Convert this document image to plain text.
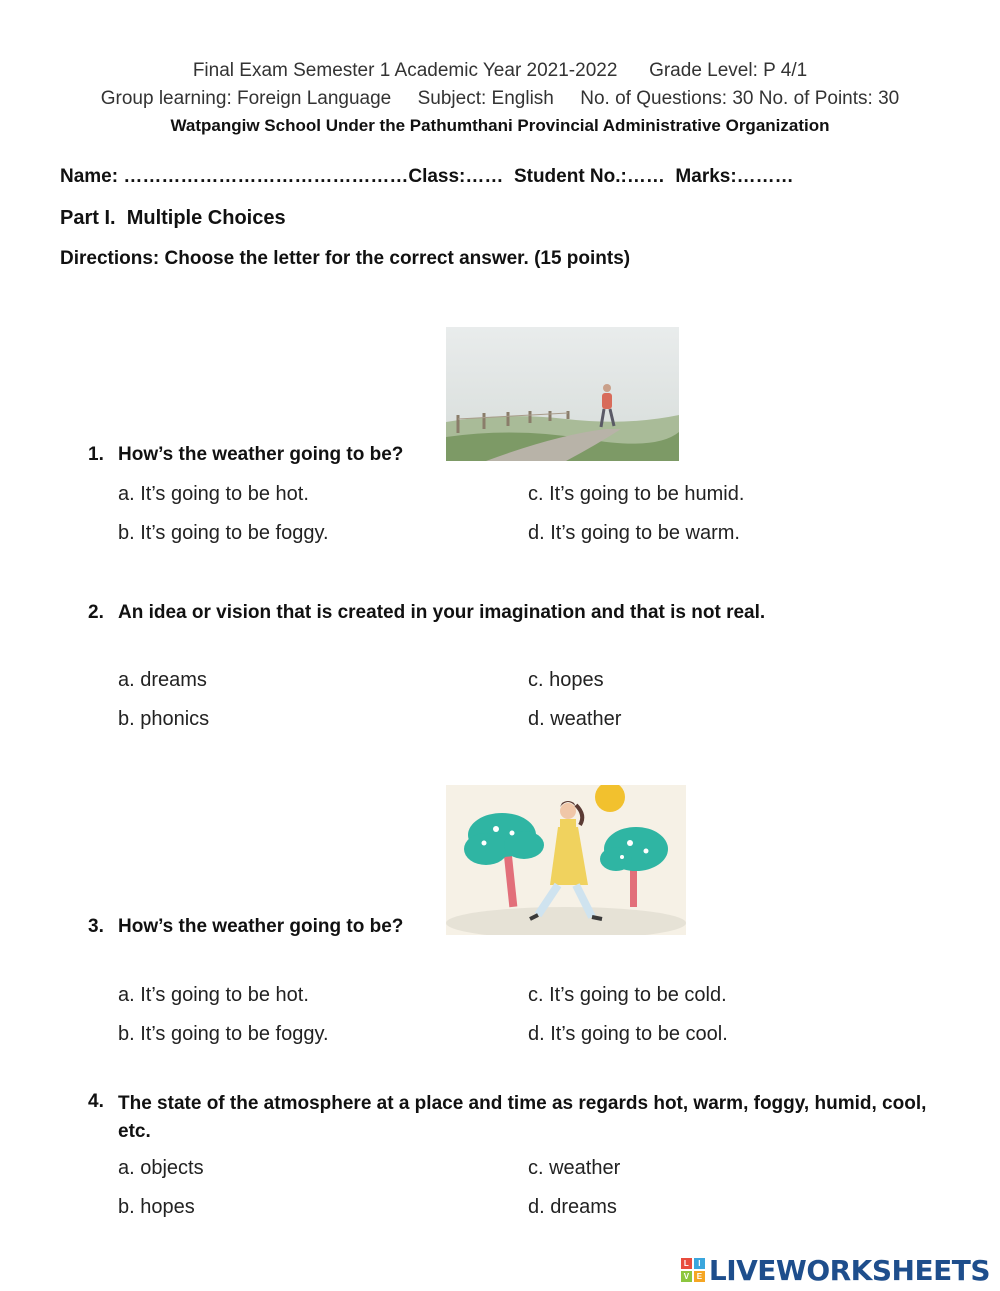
Final Exam Semester 1 Academic Year 2021-2022      Grade Level: P 4/1
Group learning: Foreign Language     Subject: English     No. of Questions: 30 No. of Points: 30
Watpangiw School Under the Pathumthani Provincial Administrative Organization
Name: ………………………………………Class:……  Student No.:……  Marks:………
Part I.  Multiple Choices
Directions: Choose the letter for the correct answer. (15 points)
1. How’s the weather going to be?
a. It’s going to be hot.	c. It’s going to be humid.
b. It’s going to be foggy.	d. It’s going to be warm.
2. An idea or vision that is created in your imagination and that is not real.
a. dreams	c. hopes
b. phonics	d. weather
3. How’s the weather going to be?
a. It’s going to be hot.	c. It’s going to be cold.
b. It’s going to be foggy.	d. It’s going to be cool.
4. The state of the atmosphere at a place and time as regards hot, warm, foggy, humid, cool, etc.
a. objects	c. weather
b. hopes	d. dreams
L	I
V E LIVEWORKSHEETS
